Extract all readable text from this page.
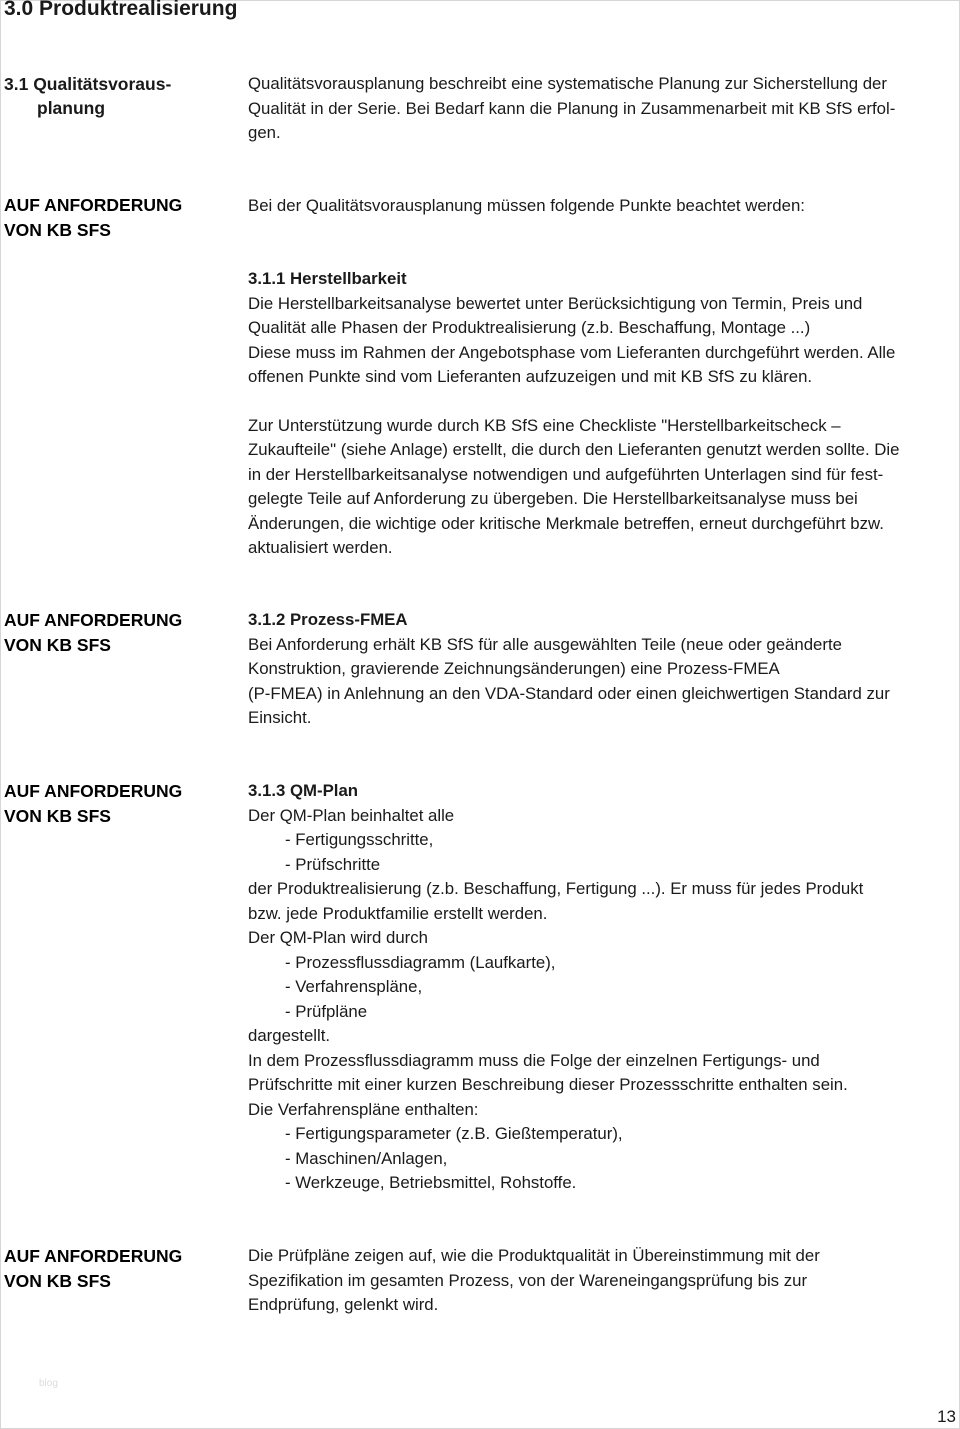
3.0 Produktrealisierung
3.1 Qualitätsvoraus-
planung
Qualitätsvorausplanung beschreibt eine systematische Planung zur Sicherstellung der
Qualität in der Serie. Bei Bedarf kann die Planung in Zusammenarbeit mit KB SfS erfol-
gen.
AUF ANFORDERUNG
VON KB SFS
Bei der Qualitätsvorausplanung müssen folgende Punkte beachtet werden:
3.1.1 Herstellbarkeit
Die Herstellbarkeitsanalyse bewertet unter Berücksichtigung von Termin, Preis und
Qualität alle Phasen der Produktrealisierung (z.b. Beschaffung, Montage ...)
Diese muss im Rahmen der Angebotsphase vom Lieferanten durchgeführt werden. Alle
offenen Punkte sind vom Lieferanten aufzuzeigen und mit KB SfS zu klären.
Zur Unterstützung wurde durch KB SfS eine Checkliste "Herstellbarkeitscheck –
Zukaufteile" (siehe Anlage) erstellt, die durch den Lieferanten genutzt werden sollte. Die
in der Herstellbarkeitsanalyse notwendigen und aufgeführten Unterlagen sind für fest-
gelegte Teile auf Anforderung zu übergeben. Die Herstellbarkeitsanalyse muss bei
Änderungen, die wichtige oder kritische Merkmale betreffen, erneut durchgeführt bzw.
aktualisiert werden.
AUF ANFORDERUNG
VON KB SFS
3.1.2 Prozess-FMEA
Bei Anforderung erhält KB SfS für alle ausgewählten Teile (neue oder geänderte
Konstruktion, gravierende Zeichnungsänderungen) eine Prozess-FMEA
(P-FMEA) in Anlehnung an den VDA-Standard oder einen gleichwertigen Standard zur
Einsicht.
AUF ANFORDERUNG
VON KB SFS
3.1.3 QM-Plan
Der QM-Plan beinhaltet alle
- Fertigungsschritte,
- Prüfschritte
der Produktrealisierung (z.b. Beschaffung, Fertigung ...). Er muss für jedes Produkt
bzw. jede Produktfamilie erstellt werden.
Der QM-Plan wird durch
- Prozessflussdiagramm (Laufkarte),
- Verfahrenspläne,
- Prüfpläne
dargestellt.
In dem Prozessflussdiagramm muss die Folge der einzelnen Fertigungs- und
Prüfschritte mit einer kurzen Beschreibung dieser Prozessschritte enthalten sein.
Die Verfahrenspläne enthalten:
- Fertigungsparameter (z.B. Gießtemperatur),
- Maschinen/Anlagen,
- Werkzeuge, Betriebsmittel, Rohstoffe.
AUF ANFORDERUNG
VON KB SFS
Die Prüfpläne zeigen auf, wie die Produktqualität in Übereinstimmung mit der
Spezifikation im gesamten Prozess, von der Wareneingangsprüfung bis zur
Endprüfung, gelenkt wird.
blog
13
